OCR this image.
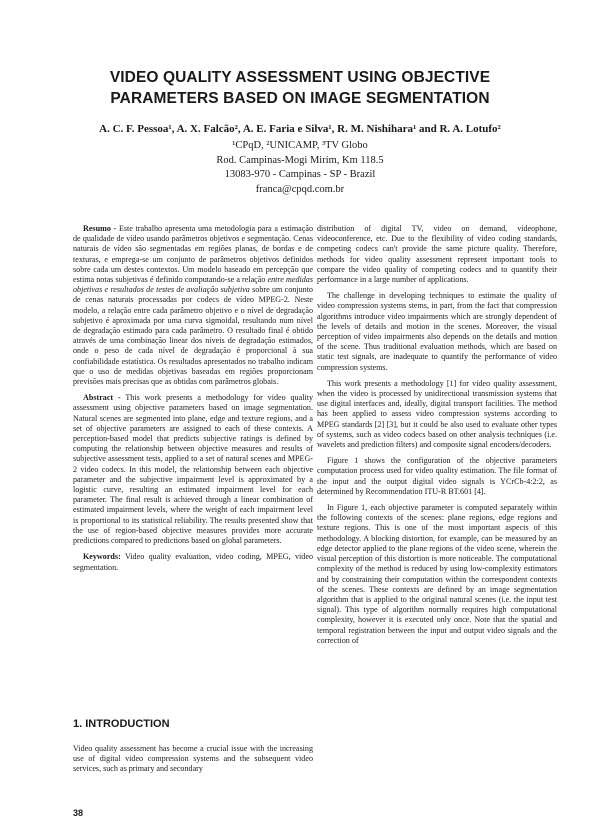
VIDEO QUALITY ASSESSMENT USING OBJECTIVE
PARAMETERS BASED ON IMAGE SEGMENTATION
A. C. F. Pessoa¹, A. X. Falcão², A. E. Faria e Silva¹, R. M. Nishihara¹ and R. A. Lotufo²
¹CPqD, ²UNICAMP, ³TV Globo
Rod. Campinas-Mogi Mirim, Km 118.5
13083-970 - Campinas - SP - Brazil
franca@cpqd.com.br

Resumo - Este trabalho apresenta uma metodologia para a estimação de qualidade de vídeo usando parâmetros objetivos e segmentação. Cenas naturais de vídeo são segmentadas em regiões planas, de bordas e de texturas, e emprega-se um conjunto de parâmetros objetivos definidos sobre cada um destes contextos. Um modelo baseado em percepção que estima notas subjetivas é definido computando-se a relação entre medidas objetivas e resultados de testes de avaliação subjetiva sobre um conjunto de cenas naturais processadas por codecs de vídeo MPEG-2. Neste modelo, a relação entre cada parâmetro objetivo e o nível de degradação subjetivo é aproximada por uma curva sigmoidal, resultando num nível de degradação estimado para cada parâmetro. O resultado final é obtido através de uma combinação linear dos níveis de degradação estimados, onde o peso de cada nível de degradação é proporcional à sua confiabilidade estatística. Os resultados apresentados no trabalho indicam que o uso de medidas objetivas baseadas em regiões proporcionam previsões mais precisas que as obtidas com parâmetros globais.

Abstract - This work presents a methodology for video quality assessment using objective parameters based on image segmentation. Natural scenes are segmented into plane, edge and texture regions, and a set of objective parameters are assigned to each of these contexts. A perception-based model that predicts subjective ratings is defined by computing the relationship between objective measures and results of subjective assessment tests, applied to a set of natural scenes and MPEG-2 video codecs. In this model, the relationship between each objective parameter and the subjective impairment level is approximated by a logistic curve, resulting an estimated impairment level for each parameter. The final result is achieved through a linear combination of estimated impairment levels, where the weight of each impairment level is proportional to its statistical reliability. The results presented show that the use of region-based objective measures provides more accurate predictions compared to predictions based on global parameters.

Keywords: Video quality evaluation, video coding, MPEG, video segmentation.

1. INTRODUCTION
Video quality assessment has become a crucial issue with the increasing use of digital video compression systems and the subsequent video services, such as primary and secondary

distribution of digital TV, video on demand, videophone, videoconference, etc. Due to the flexibility of video coding standards, competing codecs can't provide the same picture quality. Therefore, methods for video quality assessment represent important tools to compare the video quality of competing codecs and to quantify their performance in a large number of applications.

The challenge in developing techniques to estimate the quality of video compression systems stems, in part, from the fact that compression algorithms introduce video impairments which are strongly dependent of the levels of details and motion in the scenes. Moreover, the visual perception of video impairments also depends on the details and motion of the scene. Thus traditional evaluation methods, which are based on static test signals, are inadequate to quantify the performance of video compression systems.

This work presents a methodology [1] for video quality assessment, when the video is processed by unidirectional transmission systems that use digital interfaces and, ideally, digital transport facilities. The method has been applied to assess video compression systems according to MPEG standards [2] [3], but it could be also used to evaluate other types of systems, such as video codecs based on other analysis techniques (i.e. wavelets and prediction filters) and composite signal encoders/decoders.

Figure 1 shows the configuration of the objective parameters computation process used for video quality estimation. The file format of the input and the output digital video signals is YCrCb-4:2:2, as determined by Recommendation ITU-R BT.601 [4].

In Figure 1, each objective parameter is computed separately within the following contexts of the scenes: plane regions, edge regions and texture regions. This is one of the most important aspects of this methodology. A blocking distortion, for example, can be measured by an edge detector applied to the plane regions of the video scene, wherein the visual perception of this distortion is more noticeable. The computational complexity of the method is reduced by using low-complexity estimators and by constraining their computation within the correspondent contexts of the scenes. These contexts are defined by an image segmentation algorithm that is applied to the original natural scenes (i.e. the input test signal). This type of algorithm normally requires high computational complexity, however it is executed only once. Note that the spatial and temporal registration between the input and output video signals and the correction of

38
